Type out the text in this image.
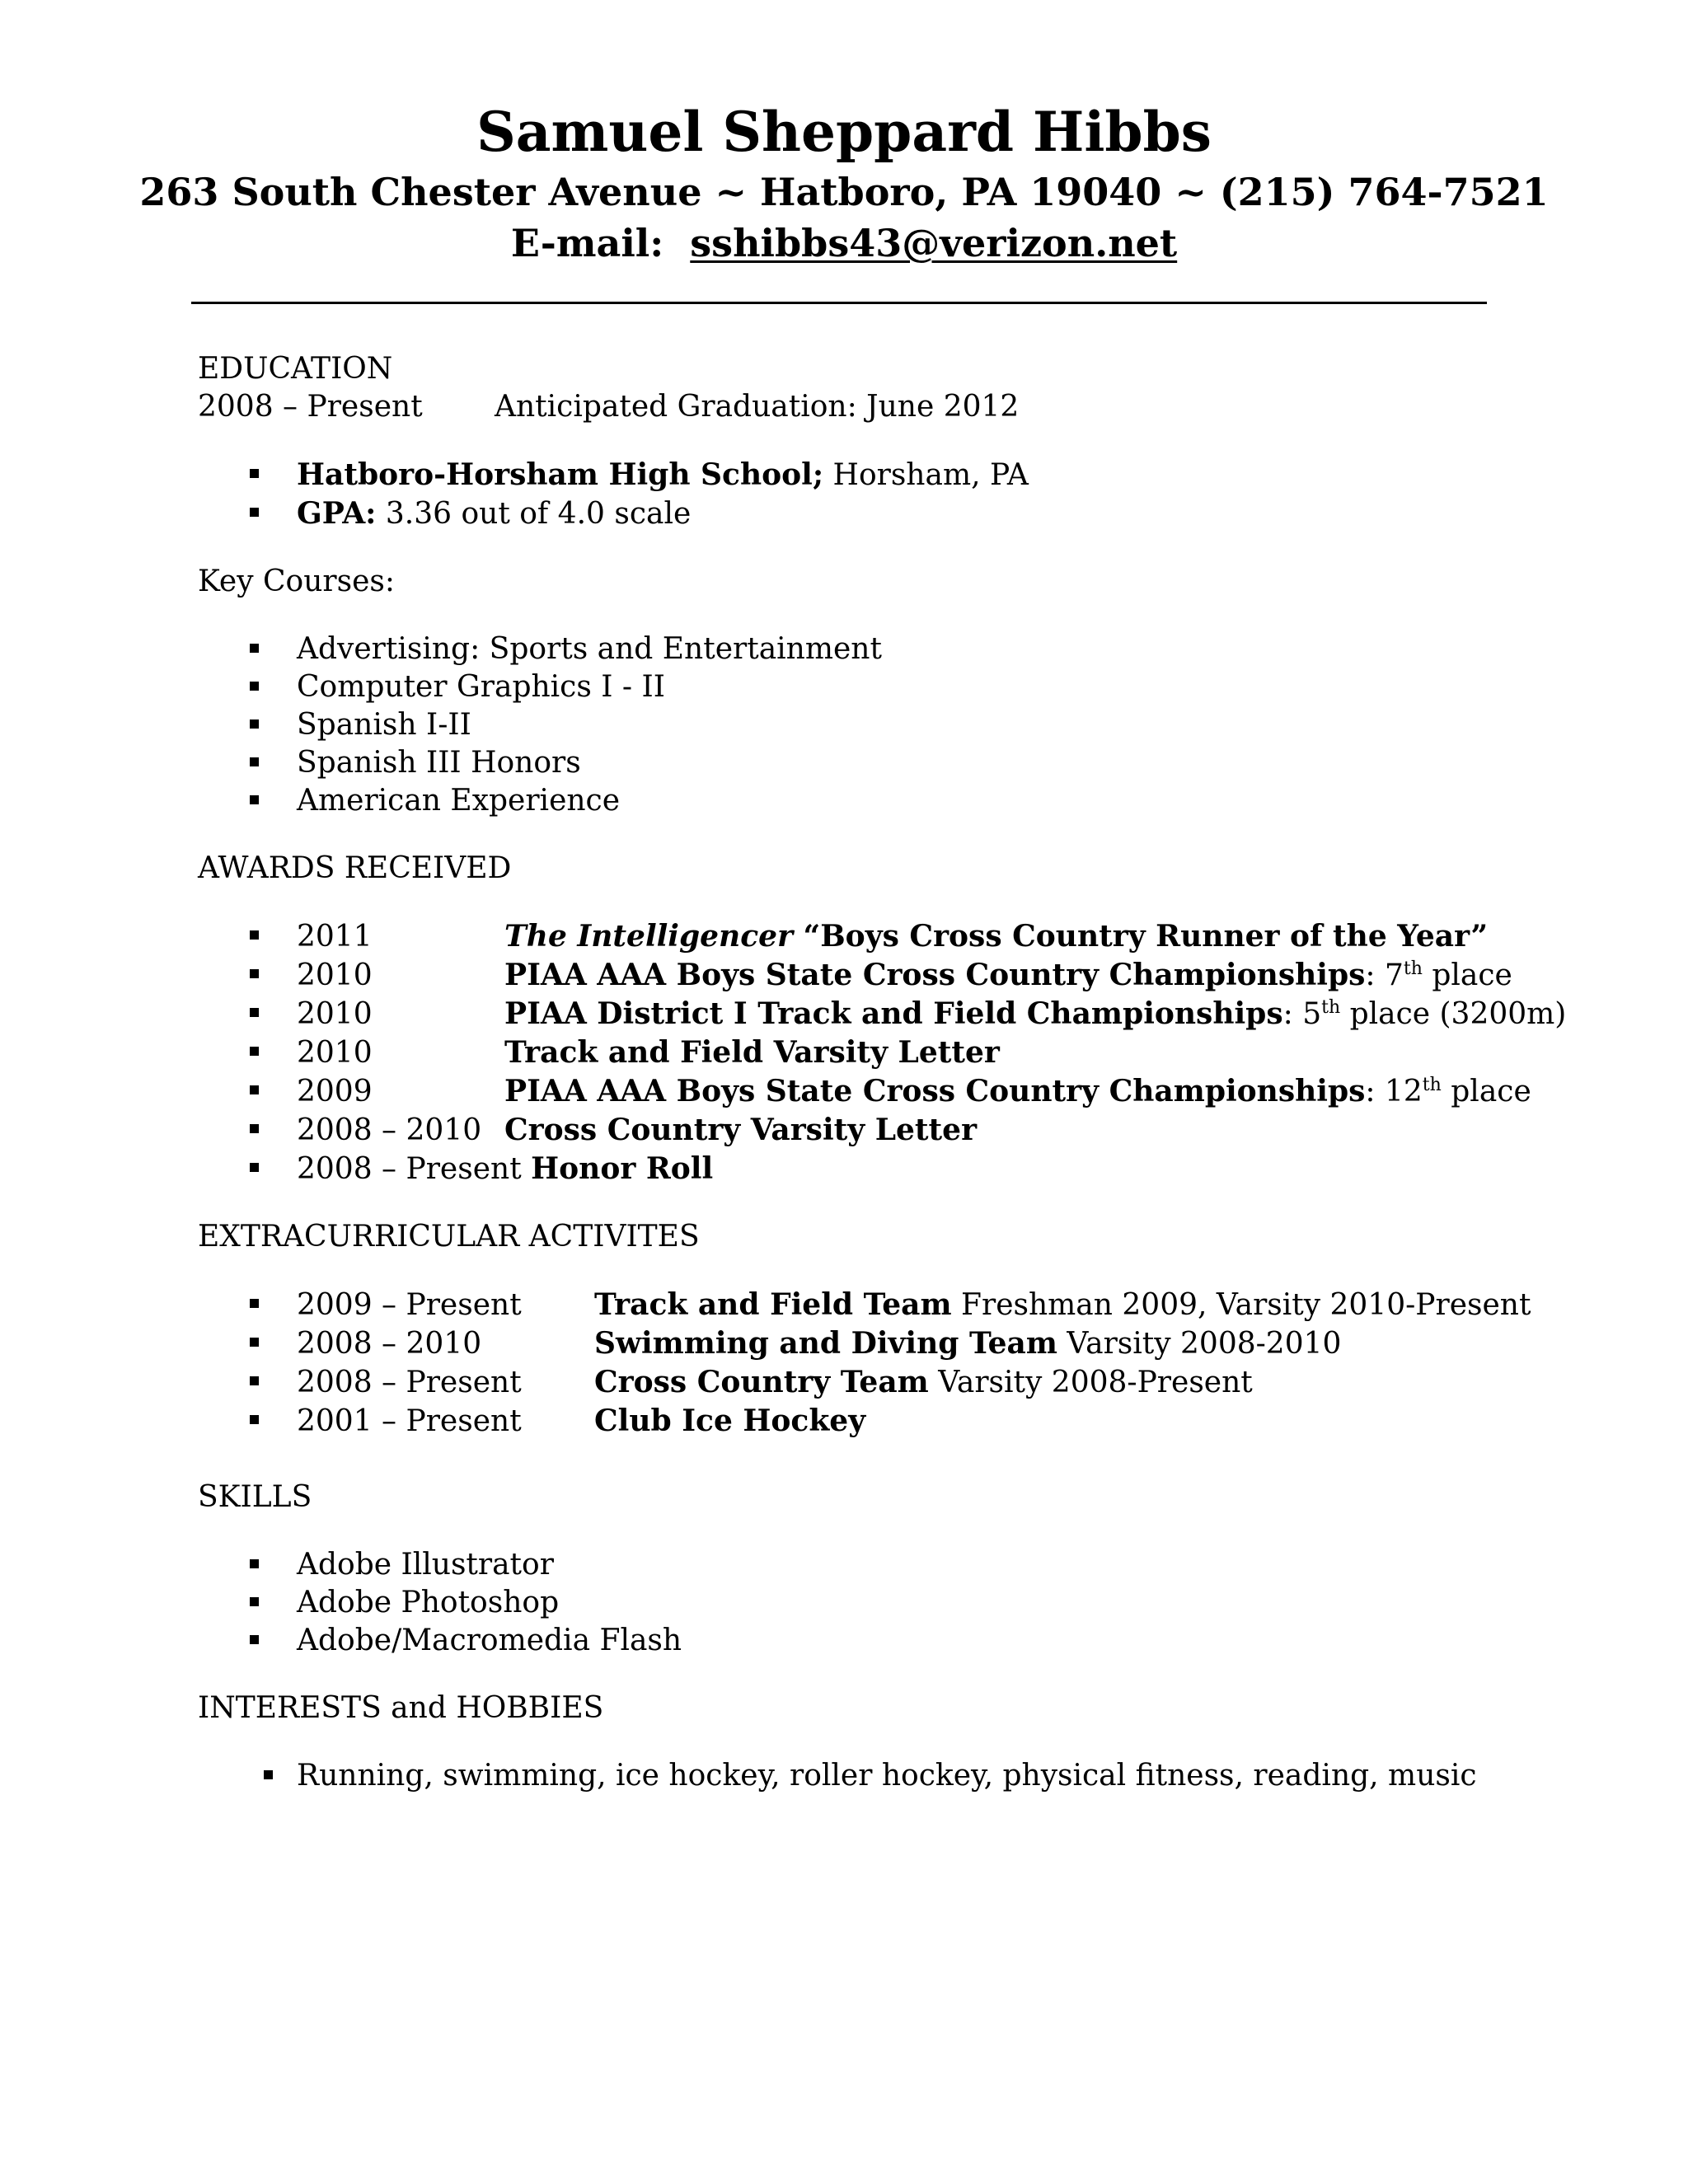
Samuel Sheppard Hibbs
263 South Chester Avenue ~ Hatboro, PA 19040 ~ (215) 764-7521
E-mail: sshibbs43@verizon.net
EDUCATION
2008 – Present	Anticipated Graduation: June 2012
Hatboro-Horsham High School; Horsham, PA
GPA: 3.36 out of 4.0 scale
Key Courses:
Advertising: Sports and Entertainment
Computer Graphics I - II
Spanish I-II
Spanish III Honors
American Experience
AWARDS RECEIVED
2011	The Intelligencer “Boys Cross Country Runner of the Year”
2010	PIAA AAA Boys State Cross Country Championships: 7th place
2010	PIAA District I Track and Field Championships: 5th place (3200m)
2010	Track and Field Varsity Letter
2009	PIAA AAA Boys State Cross Country Championships: 12th place
2008 – 2010 Cross Country Varsity Letter
2008 – Present Honor Roll
EXTRACURRICULAR ACTIVITES
2009 – Present Track and Field Team Freshman 2009, Varsity 2010-Present
2008 – 2010	Swimming and Diving Team Varsity 2008-2010
2008 – Present Cross Country Team Varsity 2008-Present
2001 – Present Club Ice Hockey
SKILLS
Adobe Illustrator
Adobe Photoshop
Adobe/Macromedia Flash
INTERESTS and HOBBIES
Running, swimming, ice hockey, roller hockey, physical fitness, reading, music
